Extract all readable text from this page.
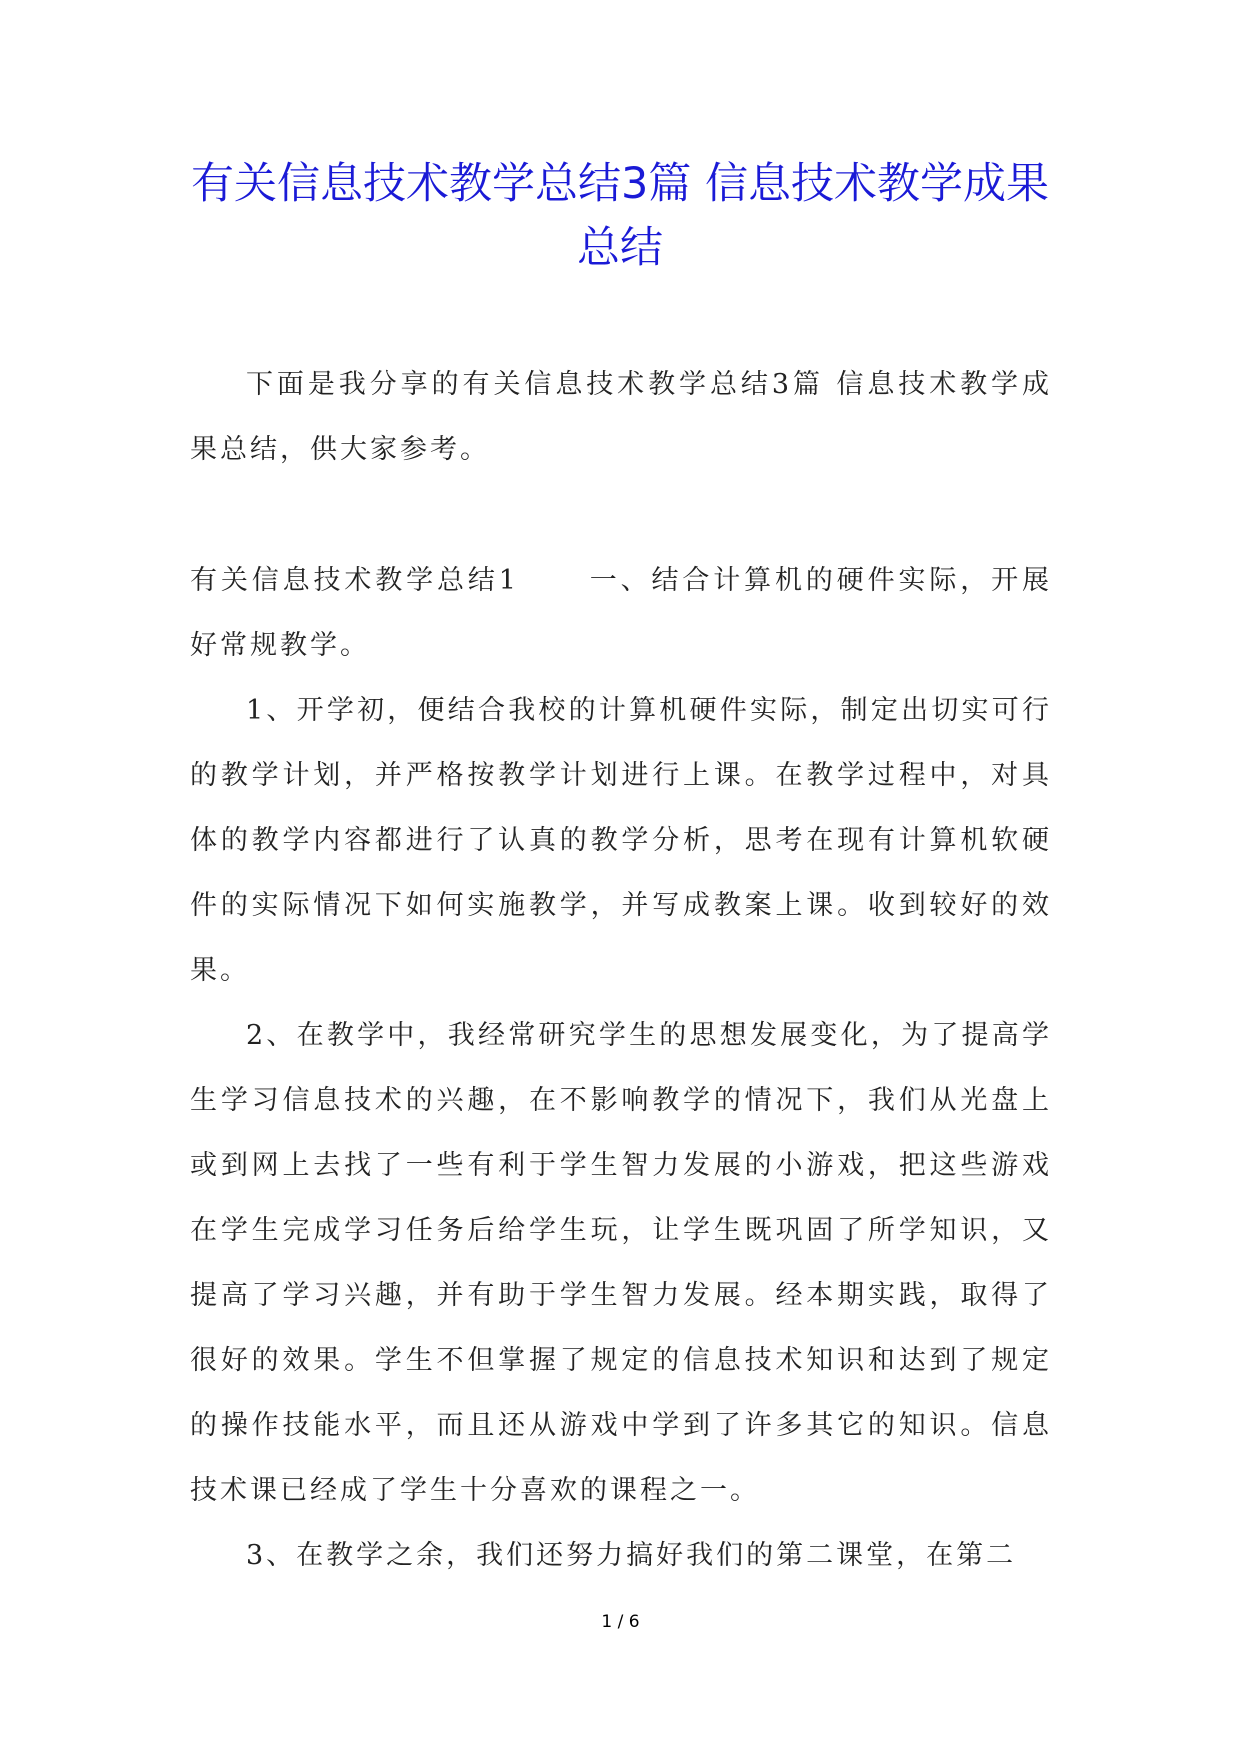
有关信息技术教学总结3篇 信息技术教学成果总结

下面是我分享的有关信息技术教学总结3篇 信息技术教学成果总结，供大家参考。

有关信息技术教学总结1	一、结合计算机的硬件实际，开展好常规教学。

1、开学初，便结合我校的计算机硬件实际，制定出切实可行的教学计划，并严格按教学计划进行上课。在教学过程中，对具体的教学内容都进行了认真的教学分析，思考在现有计算机软硬件的实际情况下如何实施教学，并写成教案上课。收到较好的效果。

2、在教学中，我经常研究学生的思想发展变化，为了提高学生学习信息技术的兴趣，在不影响教学的情况下，我们从光盘上或到网上去找了一些有利于学生智力发展的小游戏，把这些游戏在学生完成学习任务后给学生玩，让学生既巩固了所学知识，又提高了学习兴趣，并有助于学生智力发展。经本期实践，取得了很好的效果。学生不但掌握了规定的信息技术知识和达到了规定的操作技能水平，而且还从游戏中学到了许多其它的知识。信息技术课已经成了学生十分喜欢的课程之一。

3、在教学之余，我们还努力搞好我们的第二课堂，在第二

1 / 6
